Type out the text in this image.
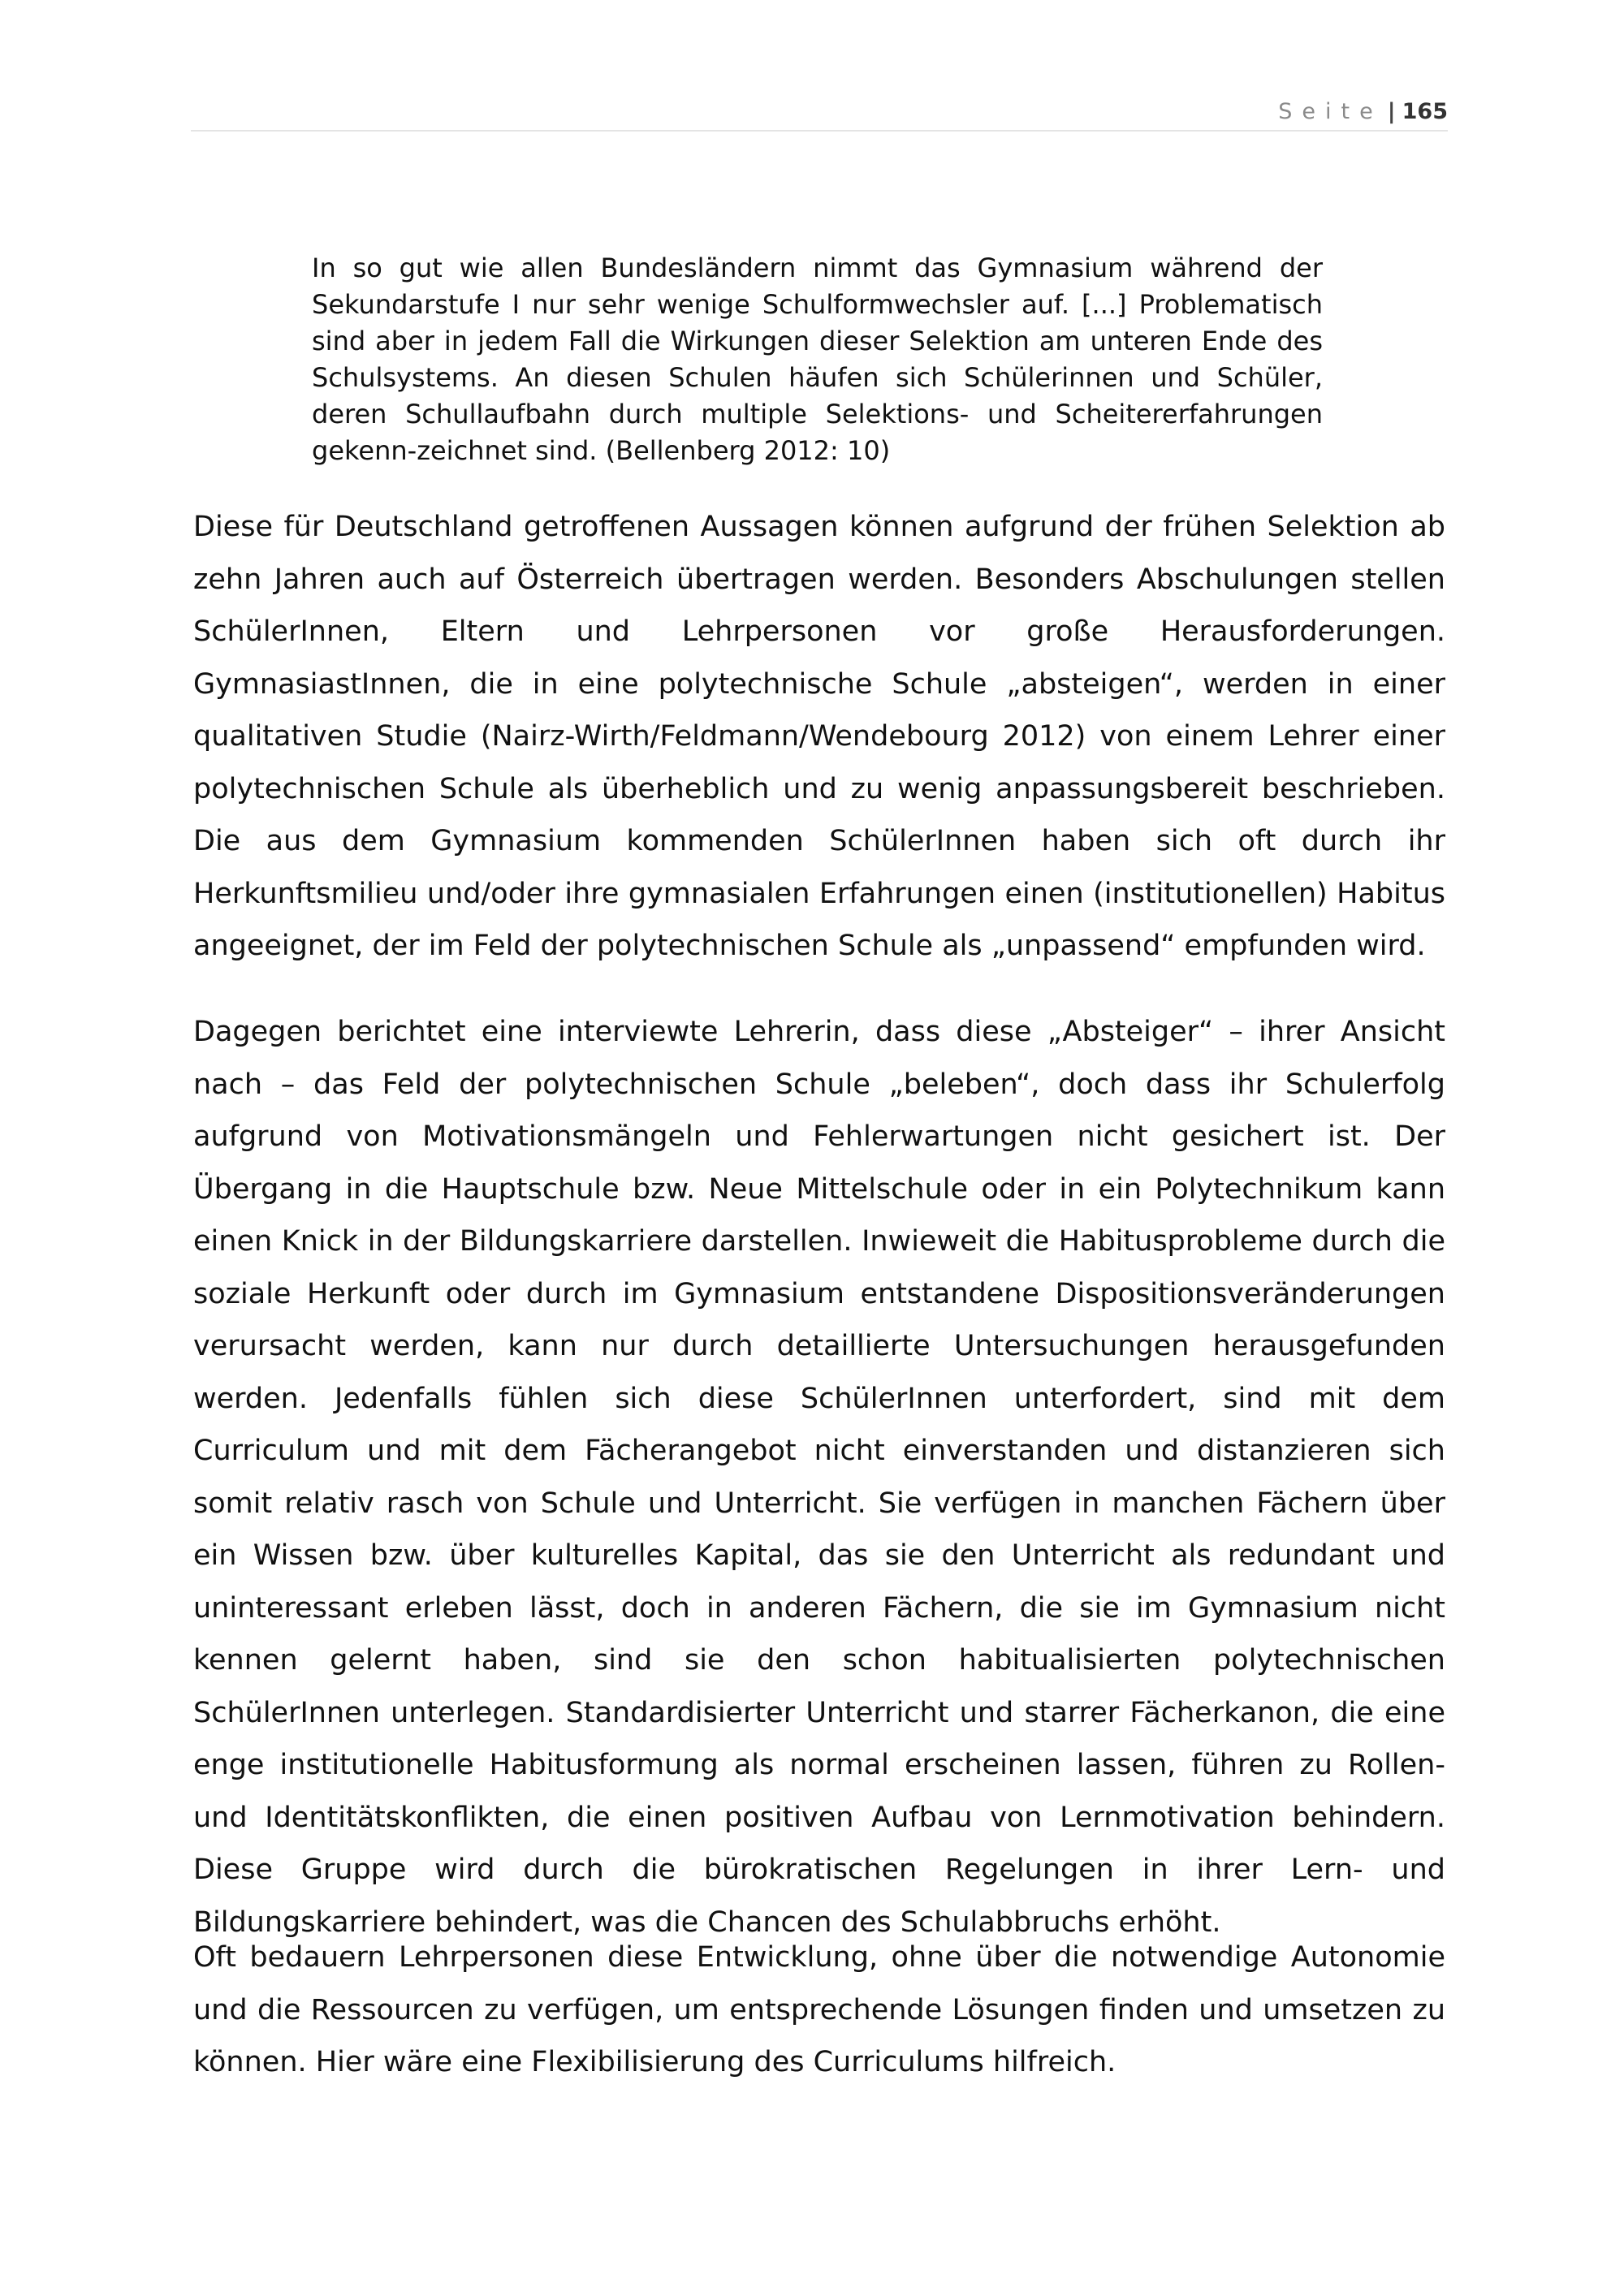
Seite | 165

In so gut wie allen Bundesländern nimmt das Gymnasium während der Sekundarstufe I nur sehr wenige Schulformwechsler auf. [...] Problematisch sind aber in jedem Fall die Wirkungen dieser Selektion am unteren Ende des Schulsystems. An diesen Schulen häufen sich Schülerinnen und Schüler, deren Schullaufbahn durch multiple Selektions- und Scheitererfahrungen gekenn-zeichnet sind. (Bellenberg 2012: 10)

Diese für Deutschland getroffenen Aussagen können aufgrund der frühen Selektion ab zehn Jahren auch auf Österreich übertragen werden. Besonders Abschulungen stellen SchülerInnen, Eltern und Lehrpersonen vor große Herausforderungen. GymnasiastInnen, die in eine polytechnische Schule „absteigen“, werden in einer qualitativen Studie (Nairz-Wirth/Feldmann/Wendebourg 2012) von einem Lehrer einer polytechnischen Schule als überheblich und zu wenig anpassungsbereit beschrieben. Die aus dem Gymnasium kommenden SchülerInnen haben sich oft durch ihr Herkunftsmilieu und/oder ihre gymnasialen Erfahrungen einen (institutionellen) Habitus angeeignet, der im Feld der polytechnischen Schule als „unpassend“ empfunden wird.

Dagegen berichtet eine interviewte Lehrerin, dass diese „Absteiger“ – ihrer Ansicht nach – das Feld der polytechnischen Schule „beleben“, doch dass ihr Schulerfolg aufgrund von Motivationsmängeln und Fehlerwartungen nicht gesichert ist. Der Übergang in die Hauptschule bzw. Neue Mittelschule oder in ein Polytechnikum kann einen Knick in der Bildungskarriere darstellen. Inwieweit die Habitusprobleme durch die soziale Herkunft oder durch im Gymnasium entstandene Dispositionsveränderungen verursacht werden, kann nur durch detaillierte Untersuchungen herausgefunden werden. Jedenfalls fühlen sich diese SchülerInnen unterfordert, sind mit dem Curriculum und mit dem Fächerangebot nicht einverstanden und distanzieren sich somit relativ rasch von Schule und Unterricht. Sie verfügen in manchen Fächern über ein Wissen bzw. über kulturelles Kapital, das sie den Unterricht als redundant und uninteressant erleben lässt, doch in anderen Fächern, die sie im Gymnasium nicht kennen gelernt haben, sind sie den schon habitualisierten polytechnischen SchülerInnen unterlegen. Standardisierter Unterricht und starrer Fächerkanon, die eine enge institutionelle Habitusformung als normal erscheinen lassen, führen zu Rollen- und Identitätskonflikten, die einen positiven Aufbau von Lernmotivation behindern. Diese Gruppe wird durch die bürokratischen Regelungen in ihrer Lern- und Bildungskarriere behindert, was die Chancen des Schulabbruchs erhöht.

Oft bedauern Lehrpersonen diese Entwicklung, ohne über die notwendige Autonomie und die Ressourcen zu verfügen, um entsprechende Lösungen finden und umsetzen zu können. Hier wäre eine Flexibilisierung des Curriculums hilfreich.
